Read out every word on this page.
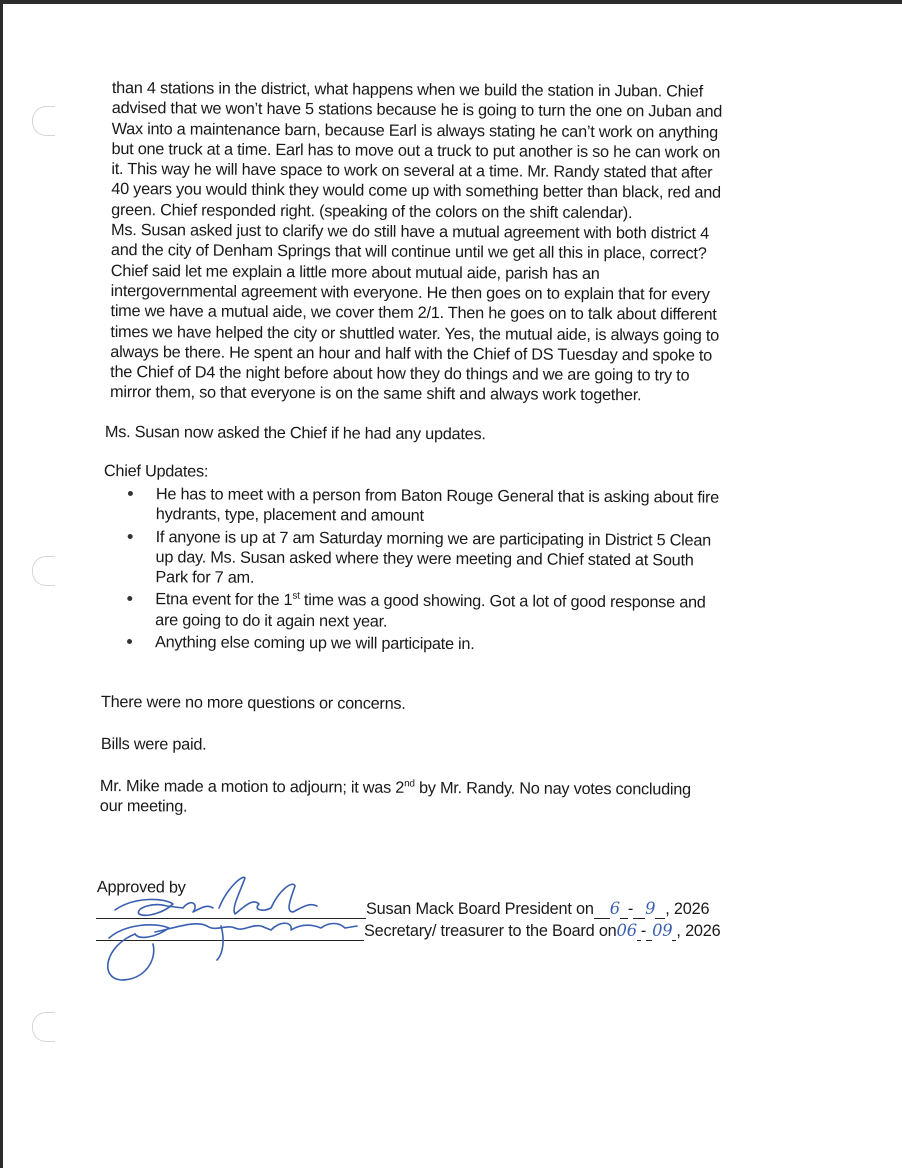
than 4 stations in the district, what happens when we build the station in Juban. Chief
advised that we won’t have 5 stations because he is going to turn the one on Juban and
Wax into a maintenance barn, because Earl is always stating he can’t work on anything
but one truck at a time. Earl has to move out a truck to put another is so he can work on
it. This way he will have space to work on several at a time. Mr. Randy stated that after
40 years you would think they would come up with something better than black, red and
green. Chief responded right. (speaking of the colors on the shift calendar).
Ms. Susan asked just to clarify we do still have a mutual agreement with both district 4
and the city of Denham Springs that will continue until we get all this in place, correct?
Chief said let me explain a little more about mutual aide, parish has an
intergovernmental agreement with everyone. He then goes on to explain that for every
time we have a mutual aide, we cover them 2/1. Then he goes on to talk about different
times we have helped the city or shuttled water. Yes, the mutual aide, is always going to
always be there. He spent an hour and half with the Chief of DS Tuesday and spoke to
the Chief of D4 the night before about how they do things and we are going to try to
mirror them, so that everyone is on the same shift and always work together.
Ms. Susan now asked the Chief if he had any updates.
Chief Updates:
He has to meet with a person from Baton Rouge General that is asking about fire
hydrants, type, placement and amount
If anyone is up at 7 am Saturday morning we are participating in District 5 Clean
up day. Ms. Susan asked where they were meeting and Chief stated at South
Park for 7 am.
Etna event for the 1st time was a good showing. Got a lot of good response and
are going to do it again next year.
Anything else coming up we will participate in.
There were no more questions or concerns.
Bills were paid.
Mr. Mike made a motion to adjourn; it was 2nd by Mr. Randy. No nay votes concluding
our meeting.
Approved by
Susan Mack Board President on 6 - 9 , 2026
Secretary/ treasurer to the Board on06 - 09 , 2026
